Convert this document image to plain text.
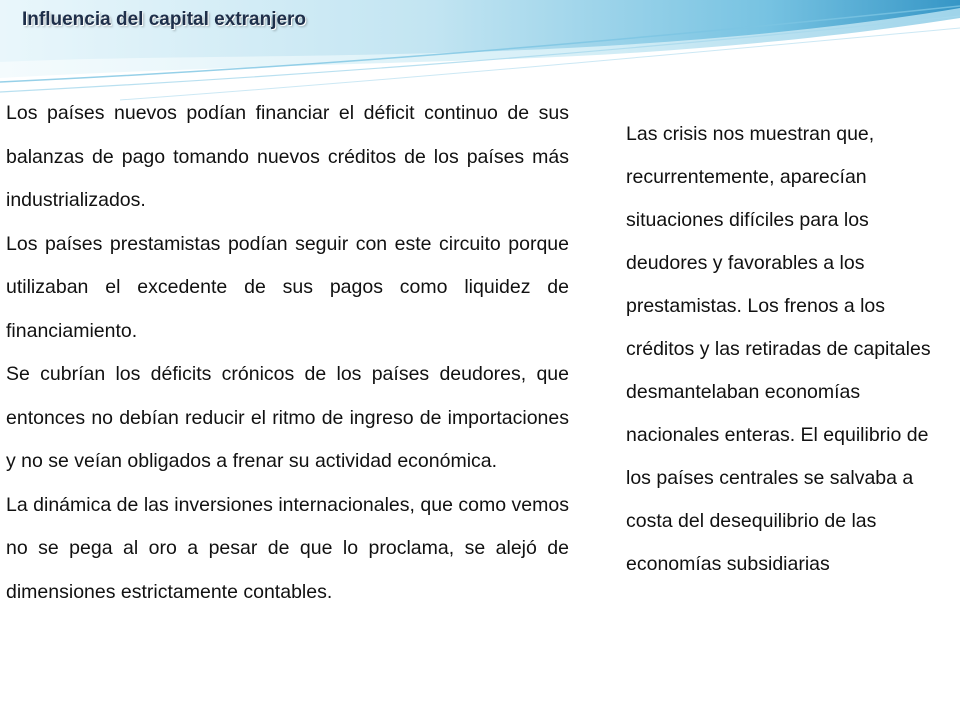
Influencia del capital extranjero

Los países nuevos podían financiar el déficit continuo de sus balanzas de pago tomando nuevos créditos de los países más industrializados.

Los países prestamistas podían seguir con este circuito porque utilizaban el excedente de sus pagos como liquidez de financiamiento.

Se cubrían los déficits crónicos de los países deudores, que entonces no debían reducir el ritmo de ingreso de importaciones y no se veían obligados a frenar su actividad económica.

La dinámica de las inversiones internacionales, que como vemos no se pega al oro a pesar de que lo proclama, se alejó de dimensiones estrictamente contables.

Las crisis nos muestran que, recurrentemente, aparecían situaciones difíciles para los deudores y favorables a los prestamistas. Los frenos a los créditos y las retiradas de capitales desmantelaban economías nacionales enteras. El equilibrio de los países centrales se salvaba a costa del desequilibrio de las economías subsidiarias
